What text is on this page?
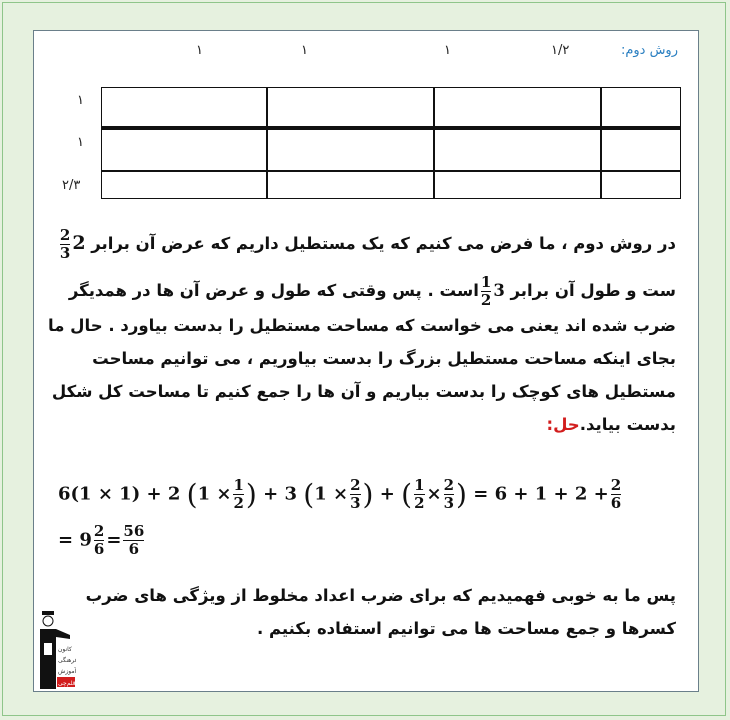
روش دوم:
۱	۱	۱	۱/۲
۱
۱
۲/۳
در روش دوم ، ما فرض می کنیم که یک مستطیل داریم که عرض آن برابر 2
$\frac{2}{3}$
ست و طول آن برابر 3
$\frac{1}{2}$
است . پس وقتی که طول و عرض آن ها در همدیگر
ضرب شده اند یعنی می خواست که مساحت مستطیل را بدست بیاورد . حال ما
بجای اینکه مساحت مستطیل بزرگ را بدست بیاوریم ، می توانیم مساحت
مستطیل های کوچک را بدست بیاریم و آن ها را جمع کنیم تا مساحت کل شکل
بدست بیاید.حل:
6(1 × 1) + 2 ($1 \times \frac{1}{2}$ ) + 3 ($1 \times \frac{2}{3}$ ) + ( $\frac{1}{2} \times \frac{2}{3}$ ) = $6 + 1 + 2 + \frac{2}{6}$
= $9 \frac{2}{6} = \frac{56}{6}$
پس ما به خوبی فهمیدیم که برای ضرب اعداد مخلوط از ویژگی های ضرب
کسرها و جمع مساحت ها می توانیم استفاده بکنیم .
کانون
فرهنگی
آموزش
قلم‌چی
